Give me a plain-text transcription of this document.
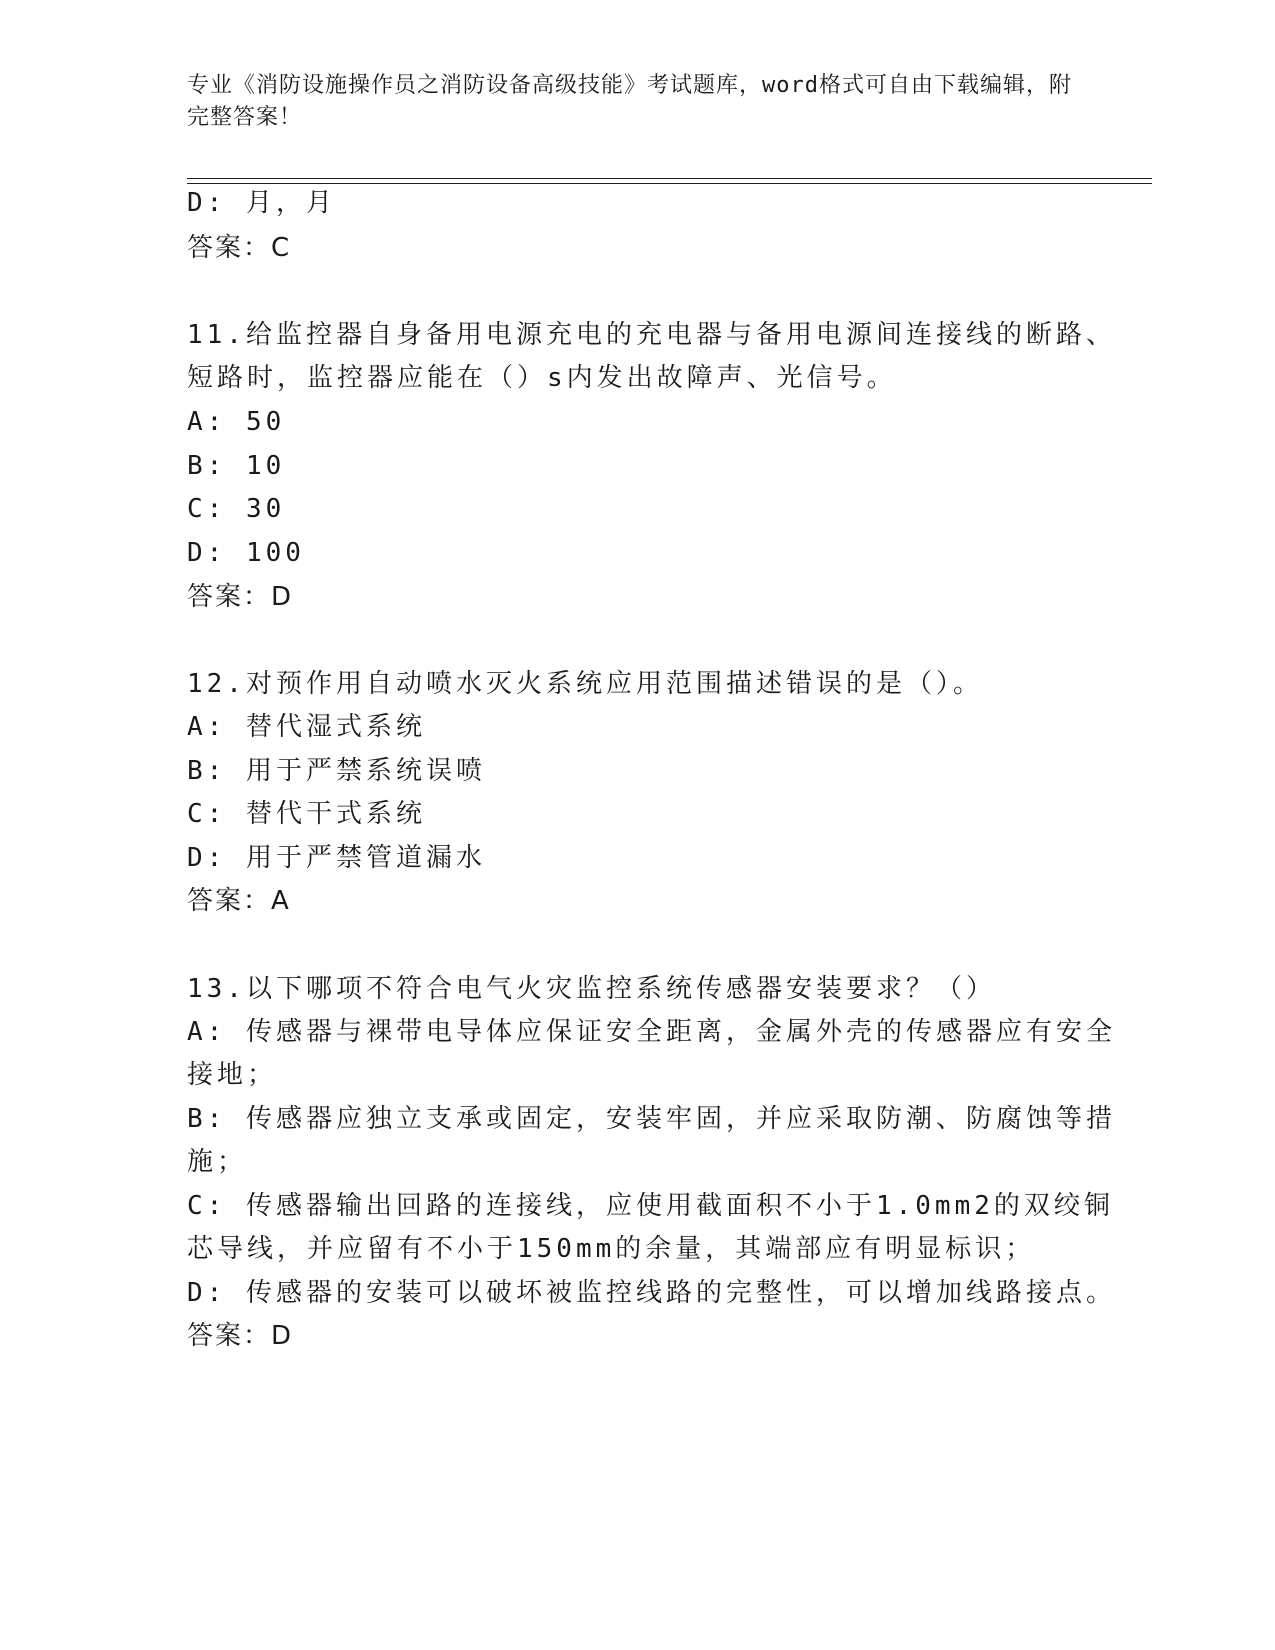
专业《消防设施操作员之消防设备高级技能》考试题库，word格式可自由下载编辑，附完整答案！
D: 月，月
答案：C
11.给监控器自身备用电源充电的充电器与备用电源间连接线的断路、
短路时，监控器应能在（）s内发出故障声、光信号。
A: 50
B: 10
C: 30
D: 100
答案：D
12.对预作用自动喷水灭火系统应用范围描述错误的是（）。
A: 替代湿式系统
B: 用于严禁系统误喷
C: 替代干式系统
D: 用于严禁管道漏水
答案：A
13.以下哪项不符合电气火灾监控系统传感器安装要求？（）
A: 传感器与裸带电导体应保证安全距离，金属外壳的传感器应有安全
接地；
B: 传感器应独立支承或固定，安装牢固，并应采取防潮、防腐蚀等措
施；
C: 传感器输出回路的连接线，应使用截面积不小于1.0mm2的双绞铜
芯导线，并应留有不小于150mm的余量，其端部应有明显标识；
D: 传感器的安装可以破坏被监控线路的完整性，可以增加线路接点。
答案：D
